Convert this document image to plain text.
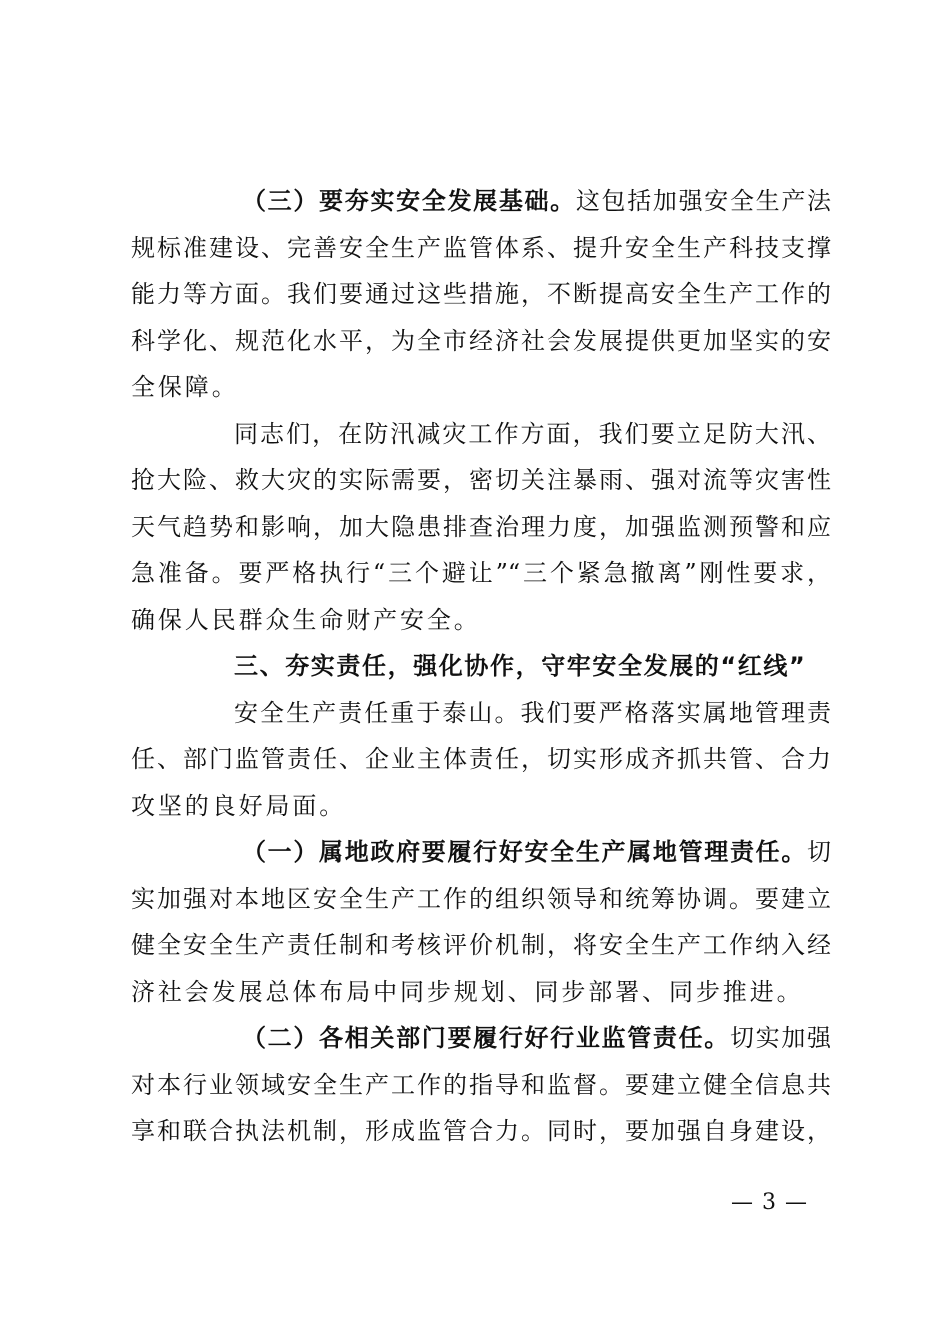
（三）要夯实安全发展基础。这包括加强安全生产法
规标准建设、完善安全生产监管体系、提升安全生产科技支撑
能力等方面。我们要通过这些措施，不断提高安全生产工作的
科学化、规范化水平，为全市经济社会发展提供更加坚实的安
全保障。
同志们，在防汛减灾工作方面，我们要立足防大汛、
抢大险、救大灾的实际需要，密切关注暴雨、强对流等灾害性
天气趋势和影响，加大隐患排查治理力度，加强监测预警和应
急准备。要严格执行“三个避让”“三个紧急撤离”刚性要求，
确保人民群众生命财产安全。
三、夯实责任，强化协作，守牢安全发展的“红线”
安全生产责任重于泰山。我们要严格落实属地管理责
任、部门监管责任、企业主体责任，切实形成齐抓共管、合力
攻坚的良好局面。
（一）属地政府要履行好安全生产属地管理责任。切
实加强对本地区安全生产工作的组织领导和统筹协调。要建立
健全安全生产责任制和考核评价机制，将安全生产工作纳入经
济社会发展总体布局中同步规划、同步部署、同步推进。
（二）各相关部门要履行好行业监管责任。切实加强
对本行业领域安全生产工作的指导和监督。要建立健全信息共
享和联合执法机制，形成监管合力。同时，要加强自身建设，
— 3 —
